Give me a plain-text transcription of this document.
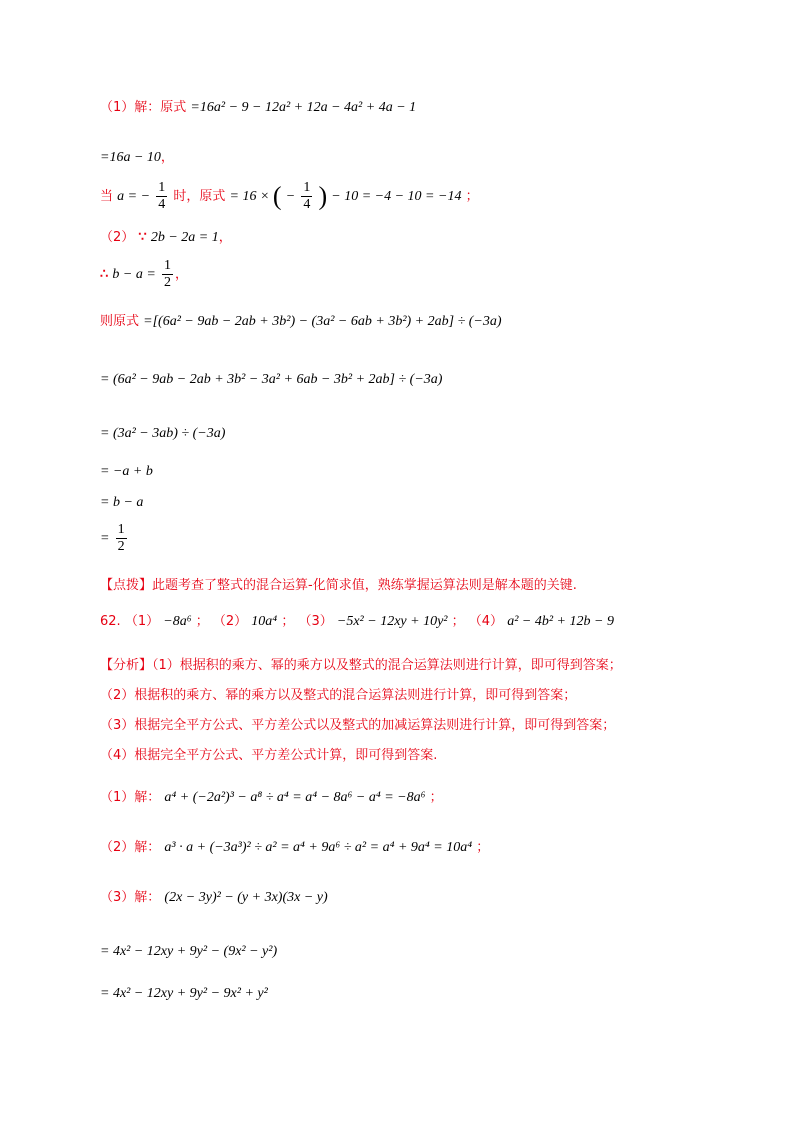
（1）解：原式 =16a² − 9 − 12a² + 12a − 4a² + 4a − 1
=16a − 10，
当 a = − $\frac{1}{4}$ 时，原式 = 16 × ( − $\frac{1}{4}$ ) − 10 = −4 − 10 = −14 ；
（2） ∵ 2b − 2a = 1，
∴ $b - a = \frac{1}{2}$ ，
则原式 =[(6a² − 9ab − 2ab + 3b²) − (3a² − 6ab + 3b²) + 2ab] ÷ (−3a)
= (6a² − 9ab − 2ab + 3b² − 3a² + 6ab − 3b² + 2ab] ÷ (−3a)
= (3a² − 3ab) ÷ (−3a)
= −a + b
= b − a
= $\frac{1}{2}$
【点拨】此题考查了整式的混合运算-化简求值，熟练掌握运算法则是解本题的关键.
62. （1） −8a⁶ ； （2） 10a⁴ ； （3） −5x² − 12xy + 10y² ； （4） a² − 4b² + 12b − 9
【分析】（1）根据积的乘方、幂的乘方以及整式的混合运算法则进行计算，即可得到答案；
（2）根据积的乘方、幂的乘方以及整式的混合运算法则进行计算，即可得到答案；
（3）根据完全平方公式、平方差公式以及整式的加减运算法则进行计算，即可得到答案；
（4）根据完全平方公式、平方差公式计算，即可得到答案.
（1）解： a⁴ + (−2a²)³ − a⁸ ÷ a⁴ = a⁴ − 8a⁶ − a⁴ = −8a⁶ ；
（2）解： a³ · a + (−3a³)² ÷ a² = a⁴ + 9a⁶ ÷ a² = a⁴ + 9a⁴ = 10a⁴ ；
（3）解： (2x − 3y)² − (y + 3x)(3x − y)
= 4x² − 12xy + 9y² − (9x² − y²)
= 4x² − 12xy + 9y² − 9x² + y²
